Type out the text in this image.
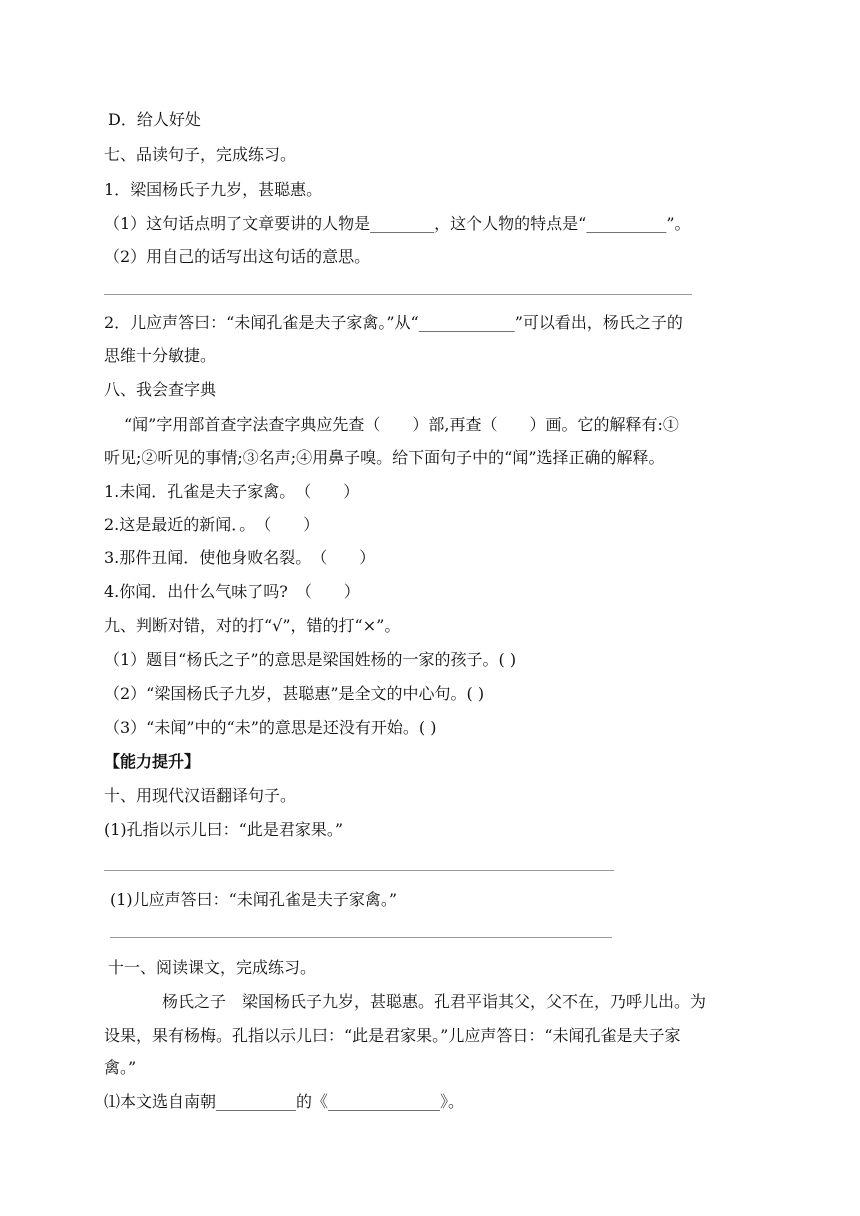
D．给人好处
七、品读句子，完成练习。
1．梁国杨氏子九岁，甚聪惠。
（1）这句话点明了文章要讲的人物是________，这个人物的特点是“__________”。
（2）用自己的话写出这句话的意思。
2．儿应声答曰：“未闻孔雀是夫子家禽。”从“____________”可以看出，杨氏之子的
思维十分敏捷。
八、我会查字典
“闻”字用部首查字法查字典应先查（　　）部,再查（　　）画。它的解释有:①
听见;②听见的事情;③名声;④用鼻子嗅。给下面句子中的“闻”选择正确的解释。
1.未闻．孔雀是夫子家禽。　（　　）
2.这是最近的新闻．。　（　　）
3.那件丑闻．使他身败名裂。　（　　）
4.你闻．出什么气味了吗?　（　　）
九、判断对错，对的打“√”，错的打“×”。
（1）题目“杨氏之子”的意思是梁国姓杨的一家的孩子。( )
（2）“梁国杨氏子九岁，甚聪惠”是全文的中心句。( )
（3）“未闻”中的“未”的意思是还没有开始。( )
【能力提升】
十、用现代汉语翻译句子。
(1)孔指以示儿曰：“此是君家果。”
(1)儿应声答曰：“未闻孔雀是夫子家禽。”
十一、阅读课文，完成练习。
杨氏之子　梁国杨氏子九岁，甚聪惠。孔君平诣其父，父不在，乃呼儿出。为
设果，果有杨梅。孔指以示儿曰：“此是君家果。”儿应声答日：“未闻孔雀是夫子家
禽。”
⑴本文选自南朝__________的《______________》。
